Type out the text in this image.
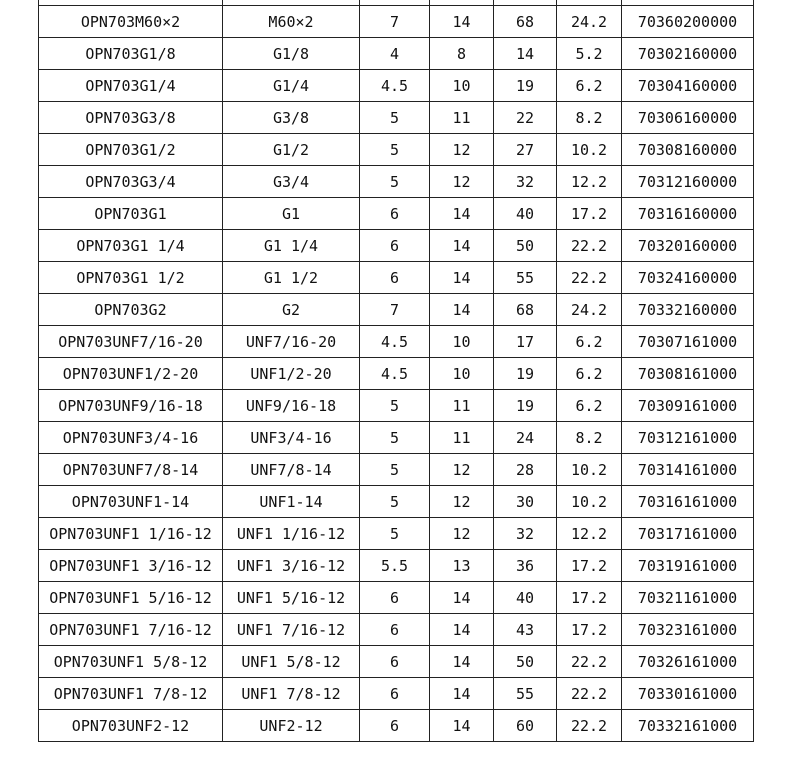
OPN703M60×2	M60×2	7	14	68	24.2	70360200000
OPN703G1/8	G1/8	4	8	14	5.2	70302160000
OPN703G1/4	G1/4	4.5	10	19	6.2	70304160000
OPN703G3/8	G3/8	5	11	22	8.2	70306160000
OPN703G1/2	G1/2	5	12	27	10.2	70308160000
OPN703G3/4	G3/4	5	12	32	12.2	70312160000
OPN703G1	G1	6	14	40	17.2	70316160000
OPN703G1 1/4	G1 1/4	6	14	50	22.2	70320160000
OPN703G1 1/2	G1 1/2	6	14	55	22.2	70324160000
OPN703G2	G2	7	14	68	24.2	70332160000
OPN703UNF7/16-20	UNF7/16-20	4.5	10	17	6.2	70307161000
OPN703UNF1/2-20	UNF1/2-20	4.5	10	19	6.2	70308161000
OPN703UNF9/16-18	UNF9/16-18	5	11	19	6.2	70309161000
OPN703UNF3/4-16	UNF3/4-16	5	11	24	8.2	70312161000
OPN703UNF7/8-14	UNF7/8-14	5	12	28	10.2	70314161000
OPN703UNF1-14	UNF1-14	5	12	30	10.2	70316161000
OPN703UNF1 1/16-12	UNF1 1/16-12	5	12	32	12.2	70317161000
OPN703UNF1 3/16-12	UNF1 3/16-12	5.5	13	36	17.2	70319161000
OPN703UNF1 5/16-12	UNF1 5/16-12	6	14	40	17.2	70321161000
OPN703UNF1 7/16-12	UNF1 7/16-12	6	14	43	17.2	70323161000
OPN703UNF1 5/8-12	UNF1 5/8-12	6	14	50	22.2	70326161000
OPN703UNF1 7/8-12	UNF1 7/8-12	6	14	55	22.2	70330161000
OPN703UNF2-12	UNF2-12	6	14	60	22.2	70332161000
